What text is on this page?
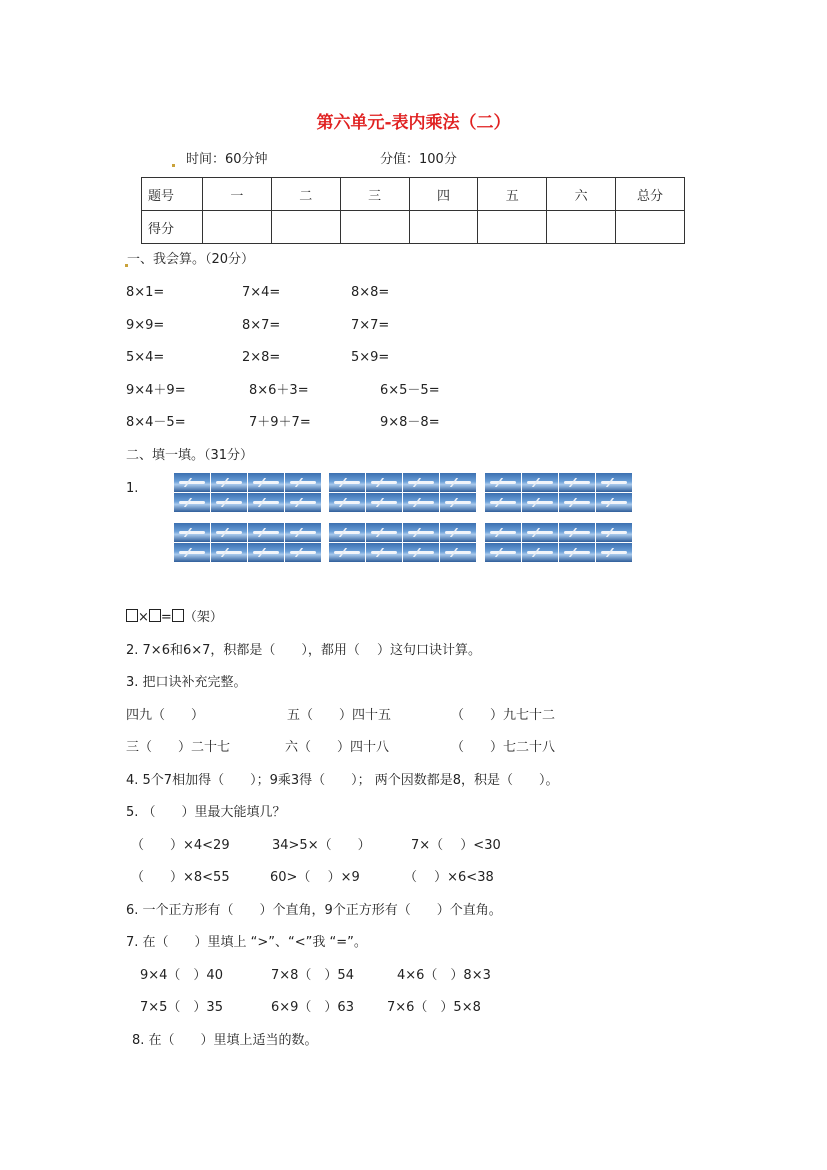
第六单元-表内乘法（二）
时间：60分钟	分值：100分
题号	一	二	三	四	五	六	总分
得分							
一、我会算。（20分）
8×1=	7×4=	8×8=
9×9=	8×7=	7×7=
5×4=	2×8=	5×9=
9×4＋9=	8×6＋3=	6×5－5=
8×4－5=	7＋9＋7=	9×8－8=
二、填一填。（31分）
1.
× = （架）
2. 7×6和6×7，积都是（　　），都用（　 ）这句口诀计算。
3. 把口诀补充完整。
四九（　　）	五（　　）四十五	（　　）九七十二
三（　　）二十七	六（　　）四十八	（　　）七二十八
4. 5个7相加得（　　）；9乘3得（　　）； 两个因数都是8，积是（　　）。
5. （　　）里最大能填几？
（　　）×4<29	34>5×（　　）	7×（　 ）<30
（　　）×8<55	60>（　 ）×9	（　 ）×6<38
6. 一个正方形有（　　）个直角，9个正方形有（　　）个直角。
7. 在（　　）里填上 “>”、“<”我 “=”。
9×4（　）40	7×8（　）54	4×6（　）8×3
7×5（　）35	6×9（　）63	7×6（　）5×8
8. 在（　　）里填上适当的数。
